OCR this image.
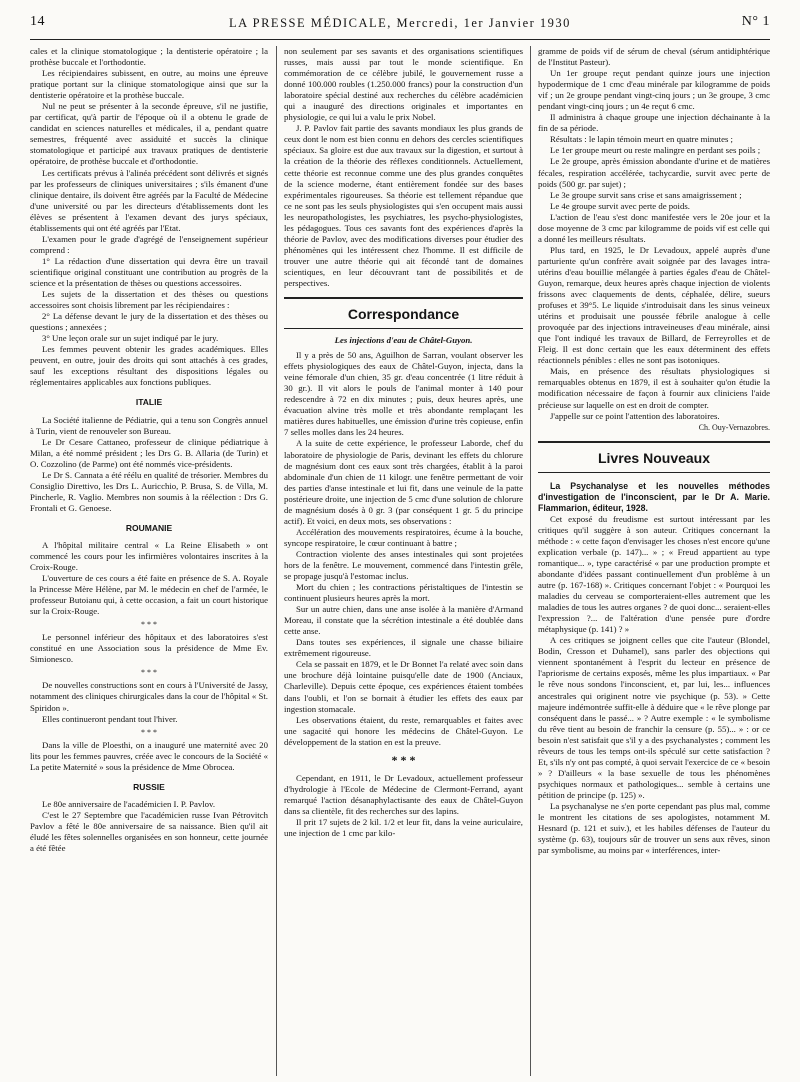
14	LA PRESSE MÉDICALE, Mercredi, 1er Janvier 1930	N° 1

cales et la clinique stomatologique ; la dentisterie opératoire ; la prothèse buccale et l'orthodontie.

Les récipiendaires subissent, en outre, au moins une épreuve pratique portant sur la clinique stomatologique ainsi que sur la dentisterie opératoire et la prothèse buccale.

Nul ne peut se présenter à la seconde épreuve, s'il ne justifie, par certificat, qu'à partir de l'époque où il a obtenu le grade de candidat en sciences naturelles et médicales, il a, pendant quatre semestres, fréquenté avec assiduité et succès la clinique stomatologique et participé aux travaux pratiques de dentisterie opératoire, de prothèse buccale et d'orthodontie.

Les certificats prévus à l'alinéa précédent sont délivrés et signés par les professeurs de cliniques universitaires ; s'ils émanent d'une clinique dentaire, ils doivent être agréés par la Faculté de Médecine d'une université ou par les directeurs d'établissements dont les élèves se présentent à l'examen devant des jurys spéciaux, établissements qui ont été agréés par l'Etat.

L'examen pour le grade d'agrégé de l'enseignement supérieur comprend :

1° La rédaction d'une dissertation qui devra être un travail scientifique original constituant une contribution au progrès de la science et la présentation de thèses ou questions accessoires.

Les sujets de la dissertation et des thèses ou questions accessoires sont choisis librement par les récipiendaires :

2° La défense devant le jury de la dissertation et des thèses ou questions ; annexées ;

3° Une leçon orale sur un sujet indiqué par le jury.

Les femmes peuvent obtenir les grades académiques. Elles peuvent, en outre, jouir des droits qui sont attachés à ces grades, sauf les exceptions résultant des dispositions légales ou réglementaires applicables aux fonctions publiques.

ITALIE

La Société italienne de Pédiatrie, qui a tenu son Congrès annuel à Turin, vient de renouveler son Bureau.

Le Dr Cesare Cattaneo, professeur de clinique pédiatrique à Milan, a été nommé président ; les Drs G. B. Allaria (de Turin) et O. Cozzolino (de Parme) ont été nommés vice-présidents.

Le Dr S. Cannata a été réélu en qualité de trésorier. Membres du Consiglio Direttivo, les Drs L. Auricchio, P. Brusa, S. de Villa, M. Pincherle, R. Vaglio. Membres non soumis à la réélection : Drs G. Frontali et G. Genoese.

ROUMANIE

A l'hôpital militaire central « La Reine Elisabeth » ont commencé les cours pour les infirmières volontaires inscrites à la Croix-Rouge.

L'ouverture de ces cours a été faite en présence de S. A. Royale la Princesse Mère Hélène, par M. le médecin en chef de l'armée, le professeur Butoianu qui, à cette occasion, a fait un court historique sur la Croix-Rouge.

* * *

Le personnel inférieur des hôpitaux et des laboratoires s'est constitué en une Association sous la présidence de Mme Ev. Simionesco.

* * *

De nouvelles constructions sont en cours à l'Université de Jassy, notamment des cliniques chirurgicales dans la cour de l'hôpital « St. Spiridon ».

Elles continueront pendant tout l'hiver.

* * *

Dans la ville de Ploesthi, on a inauguré une maternité avec 20 lits pour les femmes pauvres, créée avec le concours de la Société « La petite Maternité » sous la présidence de Mme Obrocea.

RUSSIE

Le 80e anniversaire de l'académicien I. P. Pavlov.

C'est le 27 Septembre que l'académicien russe Ivan Pétrovitch Pavlov a fêté le 80e anniversaire de sa naissance. Bien qu'il ait éludé les fêtes solennelles organisées en son honneur, cette journée a été fêtée

non seulement par ses savants et des organisations scientifiques russes, mais aussi par tout le monde scientifique. En commémoration de ce célèbre jubilé, le gouvernement russe a donné 100.000 roubles (1.250.000 francs) pour la construction d'un laboratoire spécial destiné aux recherches du célèbre académicien qui a inauguré des directions originales et importantes en physiologie, ce qui lui a valu le prix Nobel.

J. P. Pavlov fait partie des savants mondiaux les plus grands de ceux dont le nom est bien connu en dehors des cercles scientifiques spéciaux. Sa gloire est due aux travaux sur la digestion, et surtout à la création de la théorie des réflexes conditionnels. Actuellement, cette théorie est reconnue comme une des plus grandes conquêtes de la science moderne, étant entièrement fondée sur des bases expérimentales rigoureuses. Sa théorie est tellement répandue que ce ne sont pas les seuls physiologistes qui s'en occupent mais aussi les neuropathologistes, les psychiatres, les psycho-physiologistes, les pédagogues. Tous ces savants font des expériences d'après la théorie de Pavlov, avec des modifications diverses pour étudier des phénomènes qui les intéressent chez l'homme. Il est difficile de trouver une autre théorie qui ait fécondé tant de domaines scientiques, en leur découvrant tant de possibilités et de perspectives.

Correspondance
Les injections d'eau de Châtel-Guyon.

Il y a près de 50 ans, Aguilhon de Sarran, voulant observer les effets physiologiques des eaux de Châtel-Guyon, injecta, dans la veine fémorale d'un chien, 35 gr. d'eau concentrée (1 litre réduit à 30 gr.). Il vit alors le pouls de l'animal monter à 140 pour redescendre à 72 en dix minutes ; puis, deux heures après, une évacuation alvine très molle et très abondante remplaçant les matières dures habituelles, une émission d'urine très copieuse, enfin 7 selles molles dans les 24 heures.

A la suite de cette expérience, le professeur Laborde, chef du laboratoire de physiologie de Paris, devinant les effets du chlorure de magnésium dont ces eaux sont très chargées, établit à la paroi abdominale d'un chien de 11 kilogr. une fenêtre permettant de voir des parties d'anse intestinale et lui fit, dans une veinule de la patte postérieure droite, une injection de 5 cmc d'une solution de chlorure de magnésium dosés à 0 gr. 3 (par conséquent 1 gr. 5 du principe actif). Et voici, en deux mots, ses observations :

Accélération des mouvements respiratoires, écume à la bouche, syncope respiratoire, le cœur continuant à battre ;

Contraction violente des anses intestinales qui sont projetées hors de la fenêtre. Le mouvement, commencé dans l'intestin grêle, se propage jusqu'à l'estomac inclus.

Mort du chien ; les contractions péristaltiques de l'intestin se continuent plusieurs heures après la mort.

Sur un autre chien, dans une anse isolée à la manière d'Armand Moreau, il constate que la sécrétion intestinale a été doublée dans cette anse.

Dans toutes ses expériences, il signale une chasse biliaire extrêmement rigoureuse.

Cela se passait en 1879, et le Dr Bonnet l'a relaté avec soin dans une brochure déjà lointaine puisqu'elle date de 1900 (Anciaux, Charleville). Depuis cette époque, ces expériences étaient tombées dans l'oubli, et l'on se bornait à étudier les effets des eaux par ingestion stomacale.

Les observations étaient, du reste, remarquables et faites avec une sagacité qui honore les médecins de Châtel-Guyon. Le développement de la station en est la preuve.

* * *

Cependant, en 1911, le Dr Levadoux, actuellement professeur d'hydrologie à l'Ecole de Médecine de Clermont-Ferrand, ayant remarqué l'action désanaphylactisante des eaux de Châtel-Guyon dans sa clientèle, fit des recherches sur des lapins.

Il prit 17 sujets de 2 kil. 1/2 et leur fit, dans la veine auriculaire, une injection de 1 cmc par kilo-

gramme de poids vif de sérum de cheval (sérum antidiphtérique de l'Institut Pasteur).

Un 1er groupe reçut pendant quinze jours une injection hypodermique de 1 cmc d'eau minérale par kilogramme de poids vif ; un 2e groupe pendant vingt-cinq jours ; un 3e groupe, 3 cmc pendant vingt-cinq jours ; un 4e reçut 6 cmc.

Il administra à chaque groupe une injection déchainante à la fin de sa période.

Résultats : le lapin témoin meurt en quatre minutes ;

Le 1er groupe meurt ou reste malingre en perdant ses poils ;

Le 2e groupe, après émission abondante d'urine et de matières fécales, respiration accélérée, tachycardie, survit avec perte de poids (500 gr. par sujet) ;

Le 3e groupe survit sans crise et sans amaigrissement ;

Le 4e groupe survit avec perte de poids.

L'action de l'eau s'est donc manifestée vers le 20e jour et la dose moyenne de 3 cmc par kilogramme de poids vif est celle qui a donné les meilleurs résultats.

Plus tard, en 1925, le Dr Levadoux, appelé auprès d'une parturiente qu'un confrère avait soignée par des lavages intra-utérins d'eau bouillie mélangée à parties égales d'eau de Châtel-Guyon, remarque, deux heures après chaque injection de violents frissons avec claquements de dents, céphalée, délire, sueurs profuses et 39°5. Le liquide s'introduisait dans les sinus veineux utérins et produisait une poussée fébrile analogue à celle provoquée par des injections intraveineuses d'eau minérale, ainsi que l'ont indiqué les travaux de Billard, de Ferreyrolles et de Fleig. Il est donc certain que les eaux déterminent des effets réactionnels pénibles : elles ne sont pas isotoniques.

Mais, en présence des résultats physiologiques si remarquables obtenus en 1879, il est à souhaiter qu'on étudie la modification nécessaire de façon à fournir aux cliniciens l'aide précieuse sur laquelle on est en droit de compter.

J'appelle sur ce point l'attention des laboratoires.

Ch. Ouy-Vernazobres.
Livres Nouveaux

La Psychanalyse et les nouvelles méthodes d'investigation de l'inconscient, par le Dr A. Marie. Flammarion, éditeur, 1928.

Cet exposé du freudisme est surtout intéressant par les critiques qu'il suggère à son auteur. Critiques concernant la méthode : « cette façon d'envisager les choses n'est encore qu'une explication verbale (p. 147)... » ; « Freud appartient au type romantique... », type caractérisé « par une production prompte et abondante d'idées passant continuellement d'un problème à un autre (p. 167-168) ». Critiques concernant l'objet : « Pourquoi les maladies du cerveau se comporteraient-elles autrement que les maladies de tous les autres organes ? de quoi donc... seraient-elles l'expression ?... de l'altération d'une pensée pure d'ordre métaphysique (p. 141) ? »

A ces critiques se joignent celles que cite l'auteur (Blondel, Bodin, Cresson et Duhamel), sans parler des objections qui viennent spontanément à l'esprit du lecteur en présence de l'apriorisme de certains exposés, même les plus impartiaux. « Par le rêve nous sondons l'inconscient, et, par lui, les... influences ancestrales qui originent notre vie psychique (p. 53). » Cette majeure indémontrée suffit-elle à déduire que « le rêve plonge par conséquent dans le passé... » ? Autre exemple : « le symbolisme du rêve tient au besoin de franchir la censure (p. 55)... » : or ce besoin n'est satisfait que s'il y a des psychanalystes ; comment les rêveurs de tous les temps ont-ils spéculé sur cette satisfaction ? Et, s'ils n'y ont pas compté, à quoi servait l'exercice de ce « besoin » ? D'ailleurs « la base sexuelle de tous les phénomènes psychiques normaux et pathologiques... semble à certains une pétition de principe (p. 125) ».

La psychanalyse ne s'en porte cependant pas plus mal, comme le montrent les citations de ses apologistes, notamment M. Hesnard (p. 121 et suiv.), et les habiles défenses de l'auteur du système (p. 63), toujours sûr de trouver un sens aux rêves, sinon par symbolisme, au moins par « interférences, inter-
